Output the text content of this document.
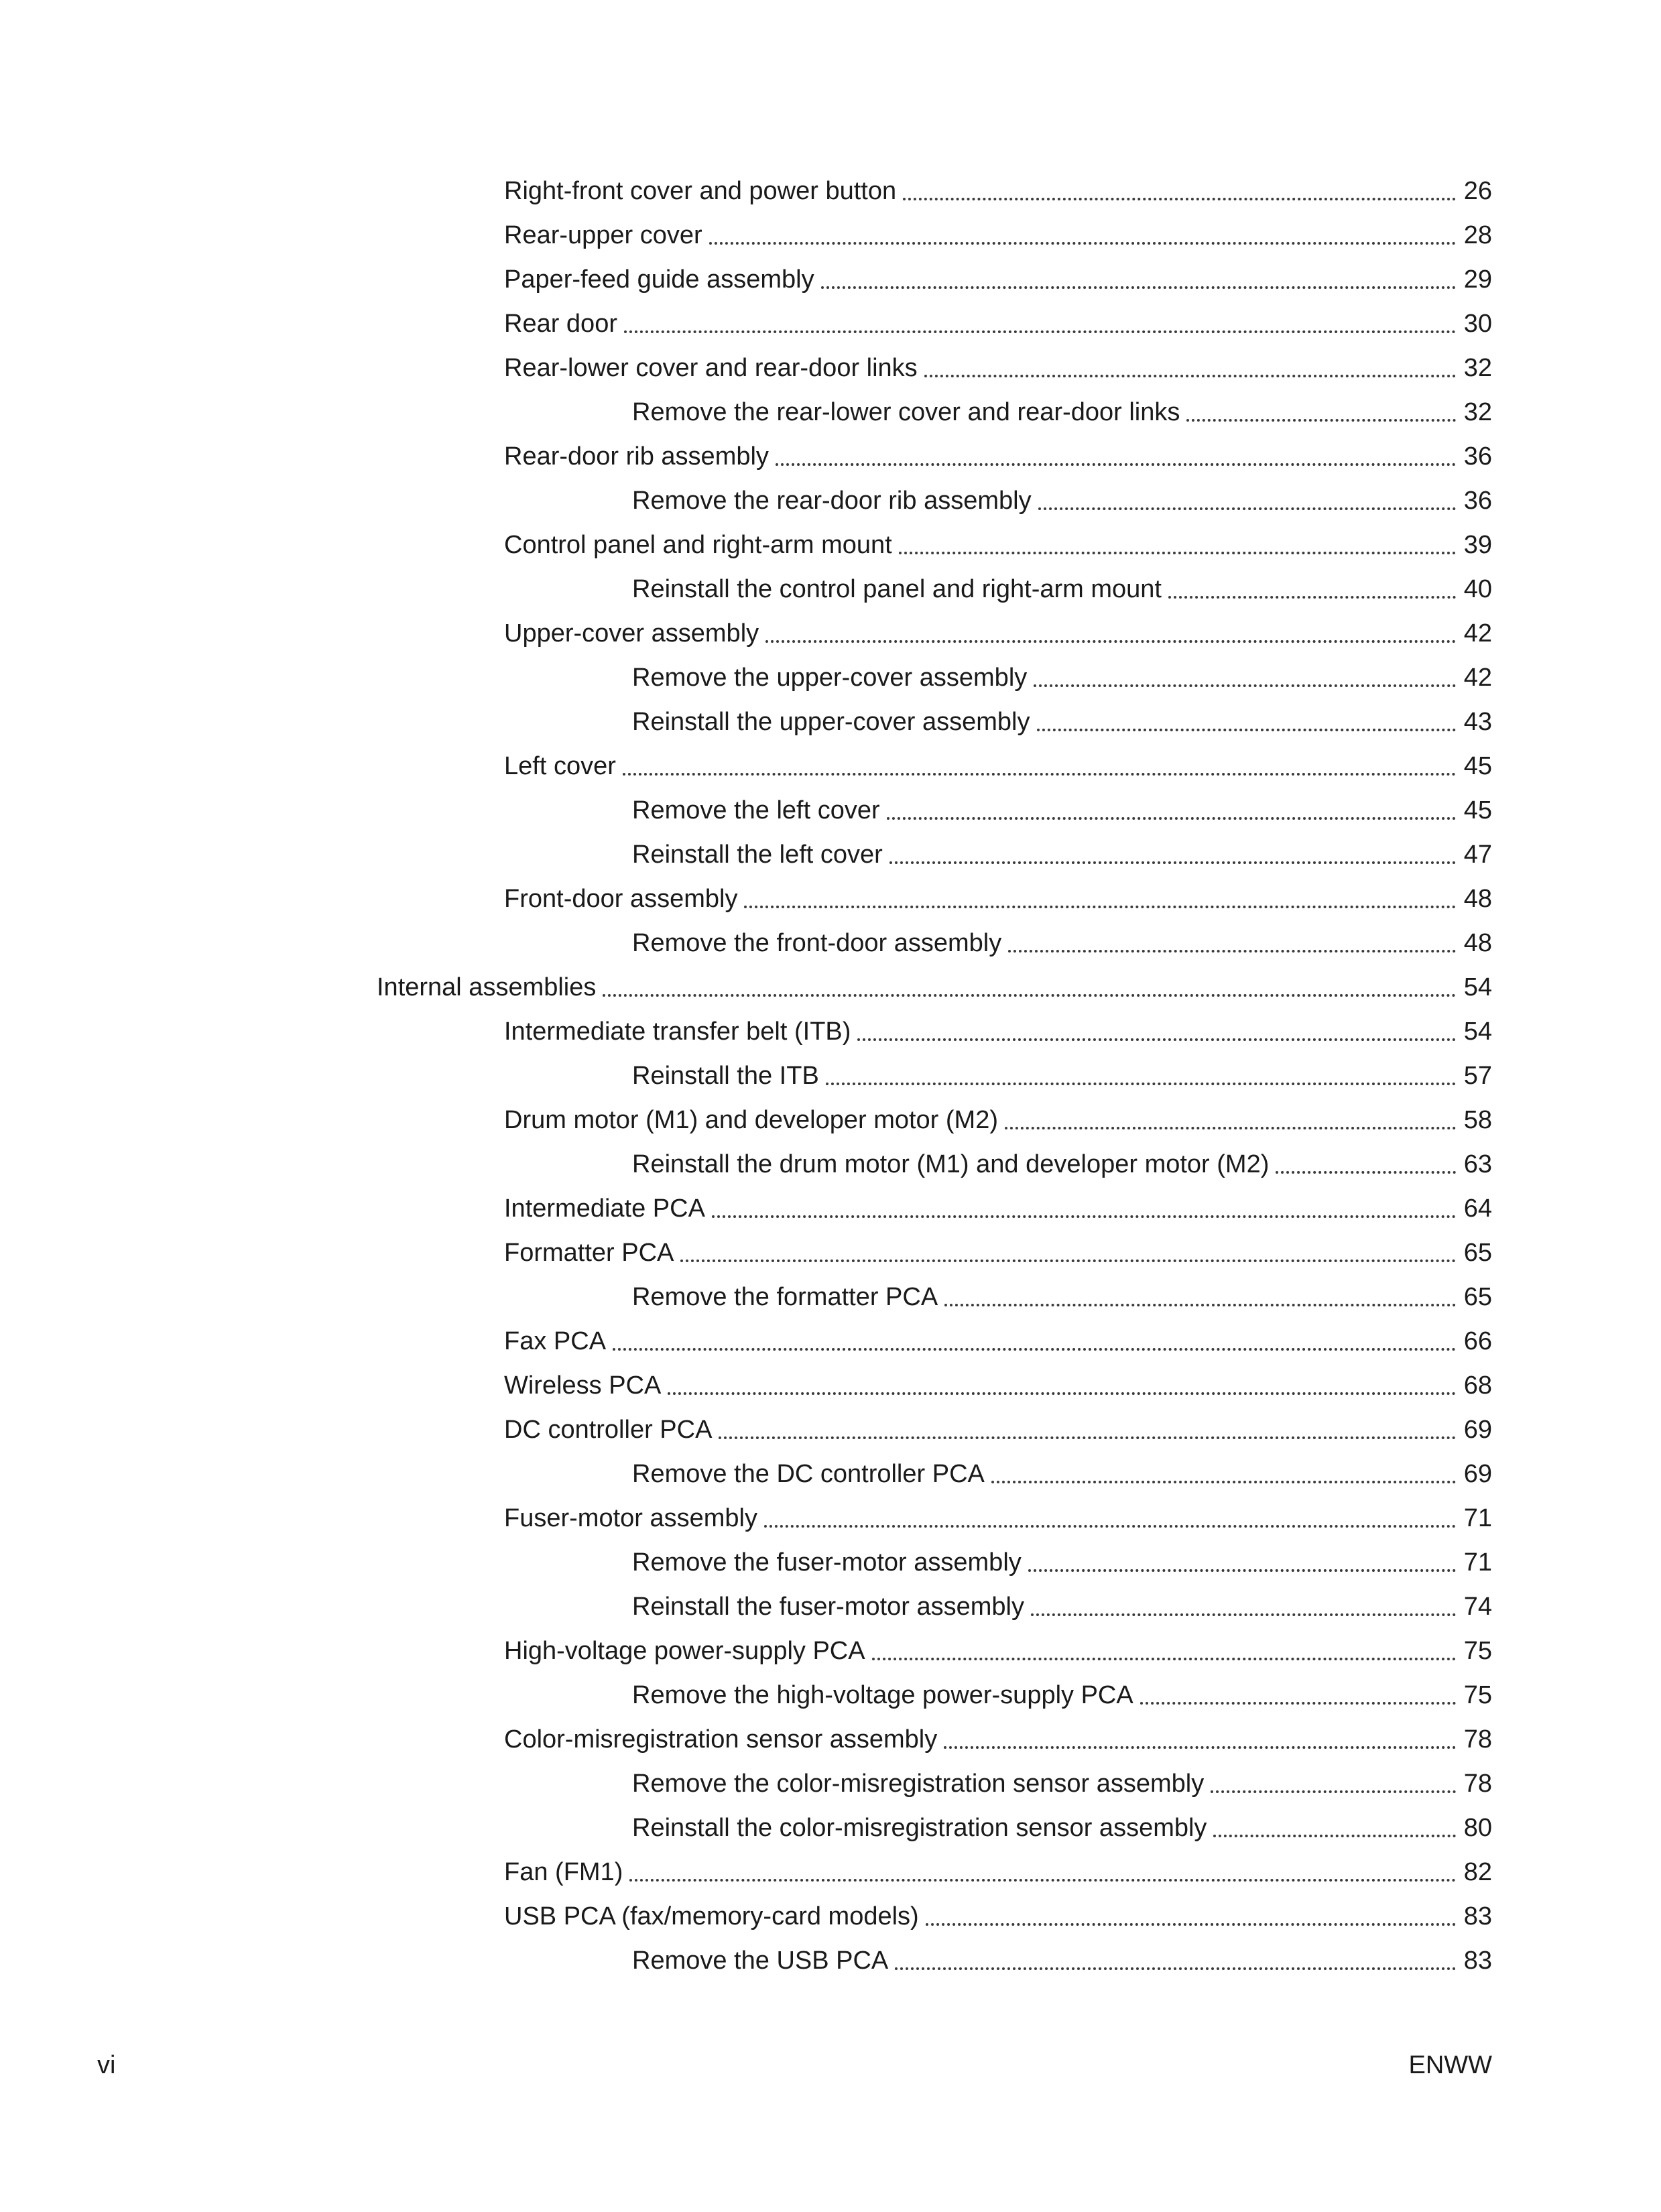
Right-front cover and power button	26
Rear-upper cover	28
Paper-feed guide assembly	29
Rear door	30
Rear-lower cover and rear-door links	32
Remove the rear-lower cover and rear-door links	32
Rear-door rib assembly	36
Remove the rear-door rib assembly	36
Control panel and right-arm mount	39
Reinstall the control panel and right-arm mount	40
Upper-cover assembly	42
Remove the upper-cover assembly	42
Reinstall the upper-cover assembly	43
Left cover	45
Remove the left cover	45
Reinstall the left cover	47
Front-door assembly	48
Remove the front-door assembly	48
Internal assemblies	54
Intermediate transfer belt (ITB)	54
Reinstall the ITB	57
Drum motor (M1) and developer motor (M2)	58
Reinstall the drum motor (M1) and developer motor (M2)	63
Intermediate PCA	64
Formatter PCA	65
Remove the formatter PCA	65
Fax PCA	66
Wireless PCA	68
DC controller PCA	69
Remove the DC controller PCA	69
Fuser-motor assembly	71
Remove the fuser-motor assembly	71
Reinstall the fuser-motor assembly	74
High-voltage power-supply PCA	75
Remove the high-voltage power-supply PCA	75
Color-misregistration sensor assembly	78
Remove the color-misregistration sensor assembly	78
Reinstall the color-misregistration sensor assembly	80
Fan (FM1)	82
USB PCA (fax/memory-card models)	83
Remove the USB PCA	83
vi	ENWW
